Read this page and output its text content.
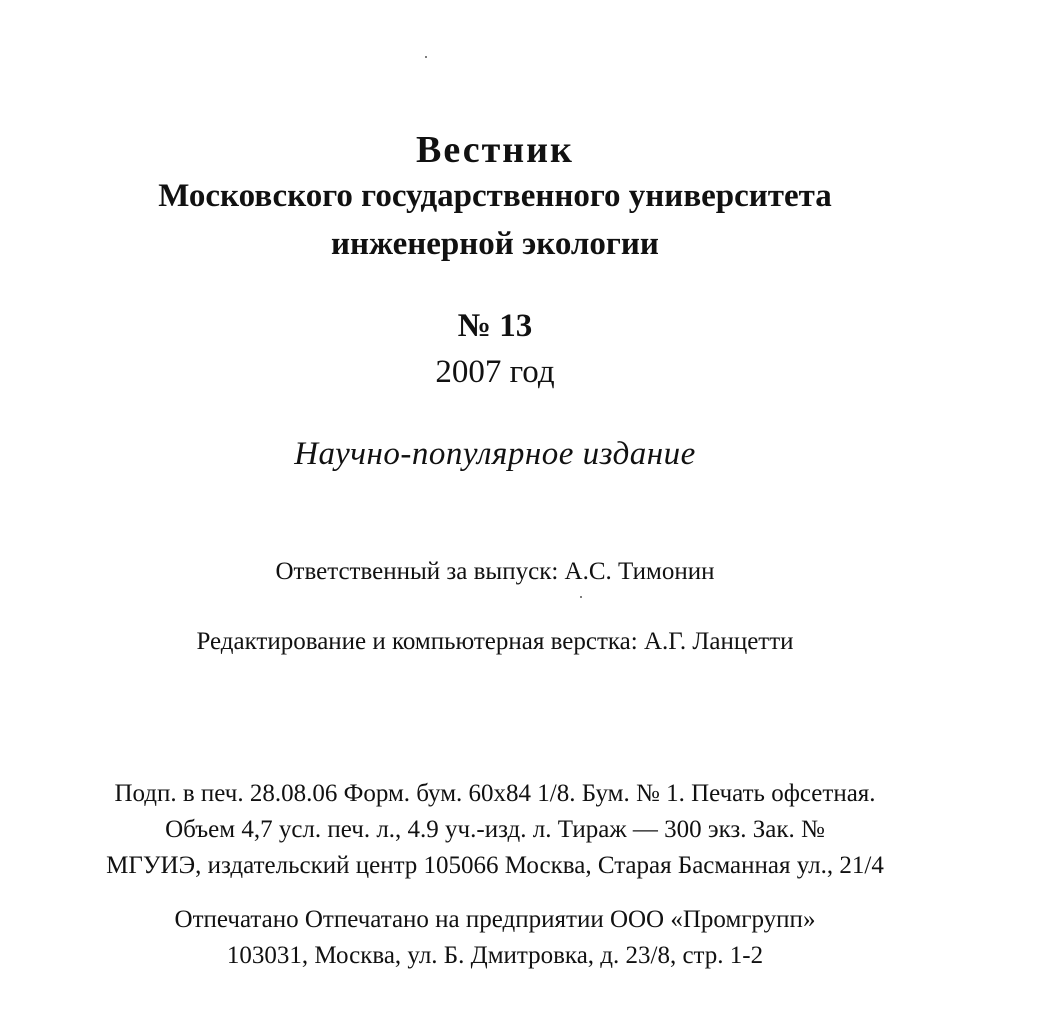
Вестник
Московского государственного университета
инженерной экологии
№ 13
2007 год
Научно-популярное издание
Ответственный за выпуск: А.С. Тимонин
Редактирование и компьютерная верстка: А.Г. Ланцетти
Подп. в печ. 28.08.06 Форм. бум. 60x84 1/8. Бум. № 1. Печать офсетная.
Объем 4,7 усл. печ. л., 4.9 уч.-изд. л. Тираж — 300 экз. Зак. №
МГУИЭ, издательский центр 105066 Москва, Старая Басманная ул., 21/4
Отпечатано Отпечатано на предприятии ООО «Промгрупп»
103031, Москва, ул. Б. Дмитровка, д. 23/8, стр. 1-2
